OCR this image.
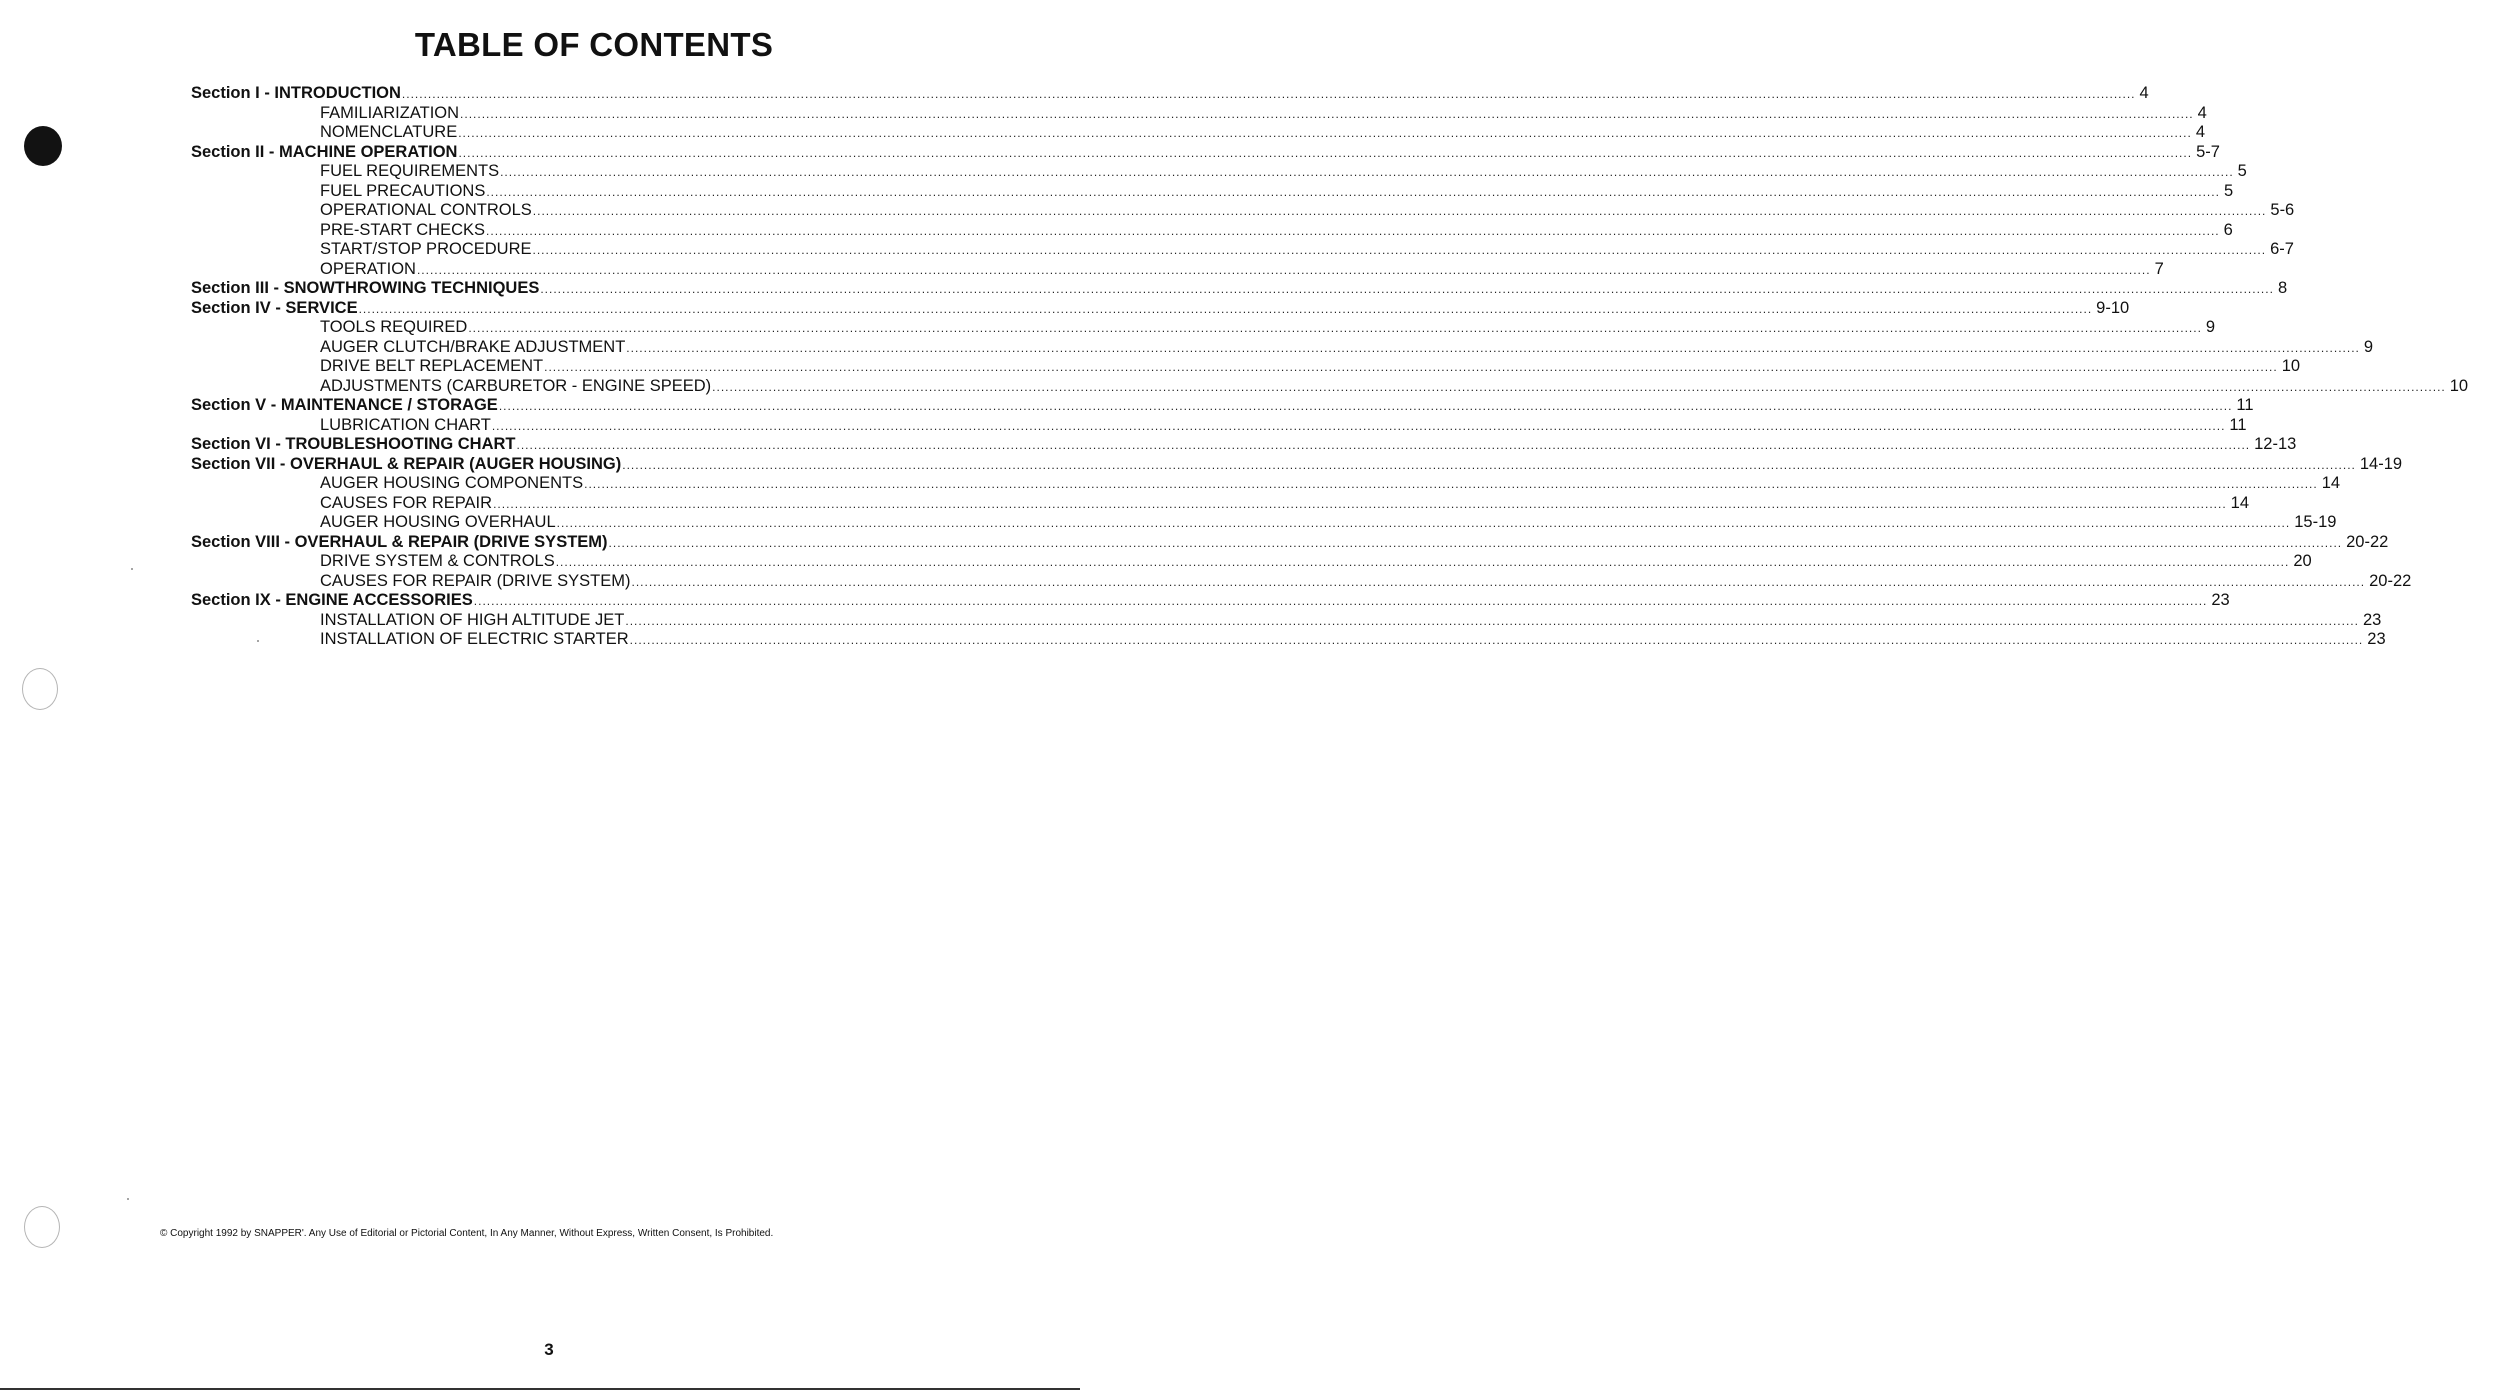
TABLE OF CONTENTS
Section I - INTRODUCTION ................................................................................................................................................................................................................................................................................................................................................................................................................ 4
FAMILIARIZATION ................................................................................................................................................................................................................................................................................................................................................................................................................ 4
NOMENCLATURE ................................................................................................................................................................................................................................................................................................................................................................................................................ 4
Section II - MACHINE OPERATION ................................................................................................................................................................................................................................................................................................................................................................................................................ 5-7
FUEL REQUIREMENTS ................................................................................................................................................................................................................................................................................................................................................................................................................ 5
FUEL PRECAUTIONS ................................................................................................................................................................................................................................................................................................................................................................................................................ 5
OPERATIONAL CONTROLS ................................................................................................................................................................................................................................................................................................................................................................................................................ 5-6
PRE-START CHECKS ................................................................................................................................................................................................................................................................................................................................................................................................................ 6
START/STOP PROCEDURE ................................................................................................................................................................................................................................................................................................................................................................................................................ 6-7
OPERATION ................................................................................................................................................................................................................................................................................................................................................................................................................ 7
Section III - SNOWTHROWING TECHNIQUES ................................................................................................................................................................................................................................................................................................................................................................................................................ 8
Section IV - SERVICE ................................................................................................................................................................................................................................................................................................................................................................................................................ 9-10
TOOLS REQUIRED ................................................................................................................................................................................................................................................................................................................................................................................................................ 9
AUGER CLUTCH/BRAKE ADJUSTMENT ................................................................................................................................................................................................................................................................................................................................................................................................................ 9
DRIVE BELT REPLACEMENT ................................................................................................................................................................................................................................................................................................................................................................................................................ 10
ADJUSTMENTS (CARBURETOR - ENGINE SPEED) ................................................................................................................................................................................................................................................................................................................................................................................................................ 10
Section V - MAINTENANCE / STORAGE ................................................................................................................................................................................................................................................................................................................................................................................................................ 11
LUBRICATION CHART ................................................................................................................................................................................................................................................................................................................................................................................................................ 11
Section VI - TROUBLESHOOTING CHART ................................................................................................................................................................................................................................................................................................................................................................................................................ 12-13
Section VII - OVERHAUL & REPAIR (AUGER HOUSING) ................................................................................................................................................................................................................................................................................................................................................................................................................ 14-19
AUGER HOUSING COMPONENTS ................................................................................................................................................................................................................................................................................................................................................................................................................ 14
CAUSES FOR REPAIR ................................................................................................................................................................................................................................................................................................................................................................................................................ 14
AUGER HOUSING OVERHAUL ................................................................................................................................................................................................................................................................................................................................................................................................................ 15-19
Section VIII - OVERHAUL & REPAIR (DRIVE SYSTEM) ................................................................................................................................................................................................................................................................................................................................................................................................................ 20-22
DRIVE SYSTEM & CONTROLS ................................................................................................................................................................................................................................................................................................................................................................................................................ 20
CAUSES FOR REPAIR (DRIVE SYSTEM) ................................................................................................................................................................................................................................................................................................................................................................................................................ 20-22
Section IX - ENGINE ACCESSORIES ................................................................................................................................................................................................................................................................................................................................................................................................................ 23
INSTALLATION OF HIGH ALTITUDE JET ................................................................................................................................................................................................................................................................................................................................................................................................................ 23
INSTALLATION OF ELECTRIC STARTER ................................................................................................................................................................................................................................................................................................................................................................................................................ 23
© Copyright 1992 by SNAPPER'. Any Use of Editorial or Pictorial Content, In Any Manner, Without Express, Written Consent, Is Prohibited.
3
